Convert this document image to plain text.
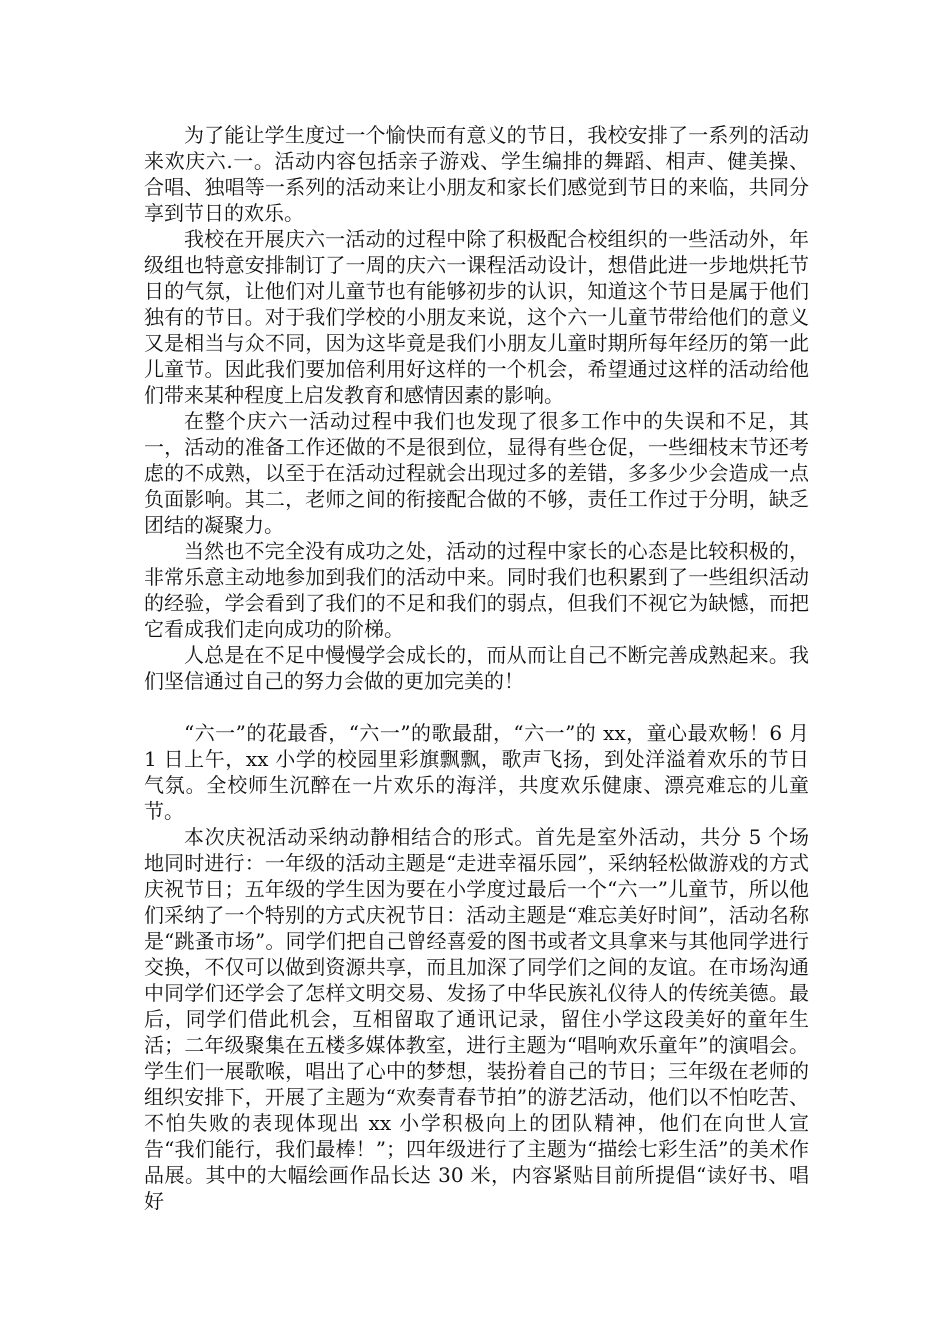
为了能让学生度过一个愉快而有意义的节日，我校安排了一系列的活动来欢庆六.一。活动内容包括亲子游戏、学生编排的舞蹈、相声、健美操、合唱、独唱等一系列的活动来让小朋友和家长们感觉到节日的来临，共同分享到节日的欢乐。

我校在开展庆六一活动的过程中除了积极配合校组织的一些活动外，年级组也特意安排制订了一周的庆六一课程活动设计，想借此进一步地烘托节日的气氛，让他们对儿童节也有能够初步的认识，知道这个节日是属于他们独有的节日。对于我们学校的小朋友来说，这个六一儿童节带给他们的意义又是相当与众不同，因为这毕竟是我们小朋友儿童时期所每年经历的第一此儿童节。因此我们要加倍利用好这样的一个机会，希望通过这样的活动给他们带来某种程度上启发教育和感情因素的影响。

在整个庆六一活动过程中我们也发现了很多工作中的失误和不足，其一，活动的准备工作还做的不是很到位，显得有些仓促，一些细枝末节还考虑的不成熟，以至于在活动过程就会出现过多的差错，多多少少会造成一点负面影响。其二，老师之间的衔接配合做的不够，责任工作过于分明，缺乏团结的凝聚力。

当然也不完全没有成功之处，活动的过程中家长的心态是比较积极的，非常乐意主动地参加到我们的活动中来。同时我们也积累到了一些组织活动的经验，学会看到了我们的不足和我们的弱点，但我们不视它为缺憾，而把它看成我们走向成功的阶梯。

人总是在不足中慢慢学会成长的，而从而让自己不断完善成熟起来。我们坚信通过自己的努力会做的更加完美的！

“六一”的花最香，“六一”的歌最甜，“六一”的 xx，童心最欢畅！6 月 1 日上午，xx 小学的校园里彩旗飘飘，歌声飞扬，到处洋溢着欢乐的节日气氛。全校师生沉醉在一片欢乐的海洋，共度欢乐健康、漂亮难忘的儿童节。

本次庆祝活动采纳动静相结合的形式。首先是室外活动，共分 5 个场地同时进行：一年级的活动主题是“走进幸福乐园”，采纳轻松做游戏的方式庆祝节日；五年级的学生因为要在小学度过最后一个“六一”儿童节，所以他们采纳了一个特别的方式庆祝节日：活动主题是“难忘美好时间”，活动名称是“跳蚤市场”。同学们把自己曾经喜爱的图书或者文具拿来与其他同学进行交换，不仅可以做到资源共享，而且加深了同学们之间的友谊。在市场沟通中同学们还学会了怎样文明交易、发扬了中华民族礼仪待人的传统美德。最后，同学们借此机会，互相留取了通讯记录，留住小学这段美好的童年生活；二年级聚集在五楼多媒体教室，进行主题为“唱响欢乐童年”的演唱会。学生们一展歌喉，唱出了心中的梦想，装扮着自己的节日；三年级在老师的组织安排下，开展了主题为“欢奏青春节拍”的游艺活动，他们以不怕吃苦、不怕失败的表现体现出 xx 小学积极向上的团队精神，他们在向世人宣告“我们能行，我们最棒！”；四年级进行了主题为“描绘七彩生活”的美术作品展。其中的大幅绘画作品长达 30 米，内容紧贴目前所提倡“读好书、唱好
